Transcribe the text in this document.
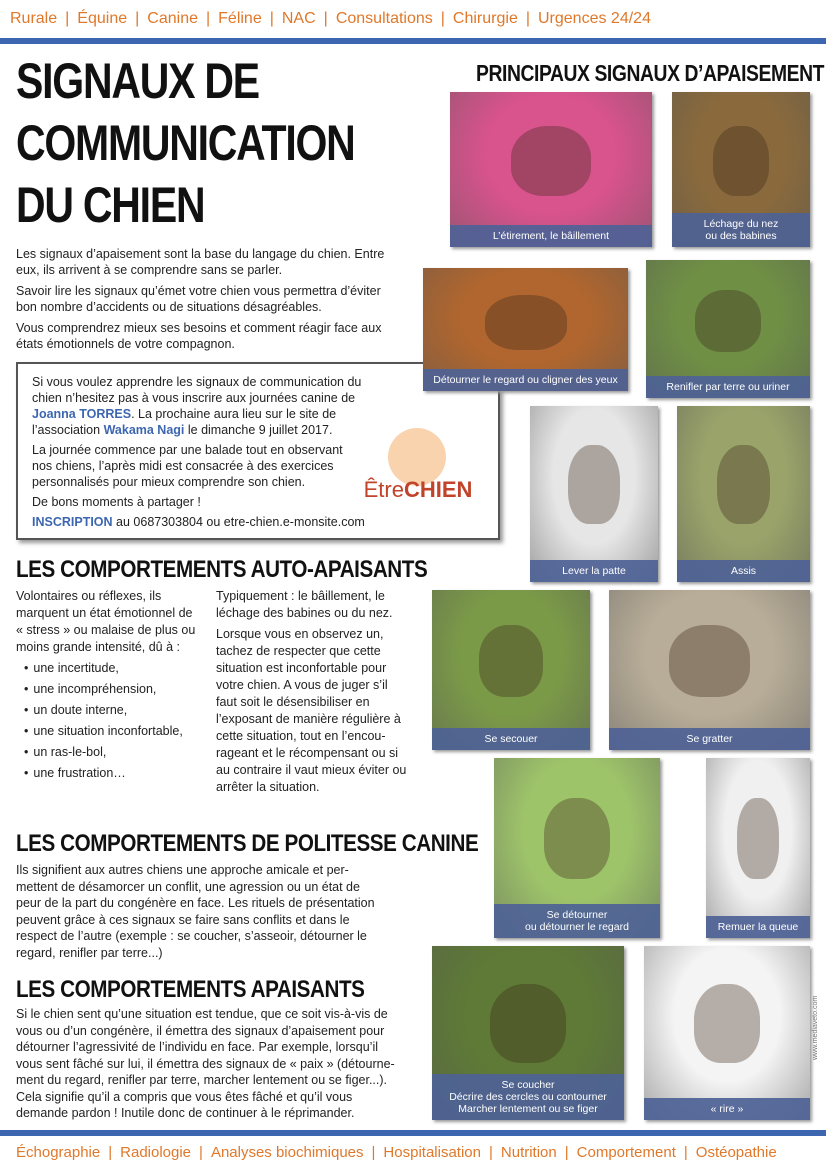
Rurale | Équine | Canine | Féline | NAC | Consultations | Chirurgie | Urgences 24/24
SIGNAUX DE
COMMUNICATION
DU CHIEN

Les signaux d’apaisement sont la base du langage du chien. Entre eux, ils arrivent à se comprendre sans se parler.

Savoir lire les signaux qu’émet votre chien vous permettra d’éviter bon nombre d’accidents ou de situations désagréables.

Vous comprendrez mieux ses besoins et comment réagir face aux états émotionnels de votre compagnon.

Si vous voulez apprendre les signaux de communication du chien n’hesitez pas à vous inscrire aux journées canine de Joanna TORRES. La prochaine aura lieu sur le site de l’association Wakama Nagi le dimanche 9 juillet 2017.

La journée commence par une balade tout en observant nos chiens, l’après midi est consacrée à des exercices personnalisés pour mieux comprendre son chien.

De bons moments à partager !

INSCRIPTION au 0687303804 ou etre-chien.e-monsite.com

ÊtreCHIEN
LES COMPORTEMENTS AUTO-APAISANTS

Volontaires ou réflexes, ils marquent un état émotionnel de « stress » ou malaise de plus ou moins grande intensité, dû à :

• une incertitude,
• une incompréhension,
• un doute interne,
• une situation inconfortable,
• un ras-le-bol,
• une frustration…

Typiquement : le bâillement, le léchage des babines ou du nez.

Lorsque vous en observez un, tachez de respecter que cette situation est inconfortable pour votre chien. A vous de juger s’il faut soit le désensibiliser en l’exposant de manière régulière à cette situation, tout en l’encou-rageant et le récompensant ou si au contraire il vaut mieux éviter ou arrêter la situation.

LES COMPORTEMENTS DE POLITESSE CANINE
Ils signifient aux autres chiens une approche amicale et per-mettent de désamorcer un conflit, une agression ou un état de peur de la part du congénère en face. Les rituels de présentation peuvent grâce à ces signaux se faire sans conflits et dans le respect de l’autre (exemple : se coucher, s’asseoir, détourner le regard, renifler par terre...)
LES COMPORTEMENTS APAISANTS
Si le chien sent qu’une situation est tendue, que ce soit vis-à-vis de vous ou d’un congénère, il émettra des signaux d’apaisement pour détourner l’agressivité de l’individu en face. Par exemple, lorsqu’il vous sent fâché sur lui, il émettra des signaux de « paix » (détourne-ment du regard, renifler par terre, marcher lentement ou se figer...). Cela signifie qu’il a compris que vous êtes fâché et qu’il vous demande pardon ! Inutile donc de continuer à le réprimander.
PRINCIPAUX SIGNAUX D’APAISEMENT
L’étirement, le bâillement
Léchage du nez
ou des babines
Détourner le regard ou cligner des yeux
Renifler par terre ou uriner
Lever la patte	Assis
Se secouer	Se gratter
Se détourner
ou détourner le regard	Remuer la queue
Se coucher
Décrire des cercles ou contourner
Marcher lentement ou se figer	« rire »
www.mediaveto.com
Échographie | Radiologie | Analyses biochimiques | Hospitalisation | Nutrition | Comportement | Ostéopathie
